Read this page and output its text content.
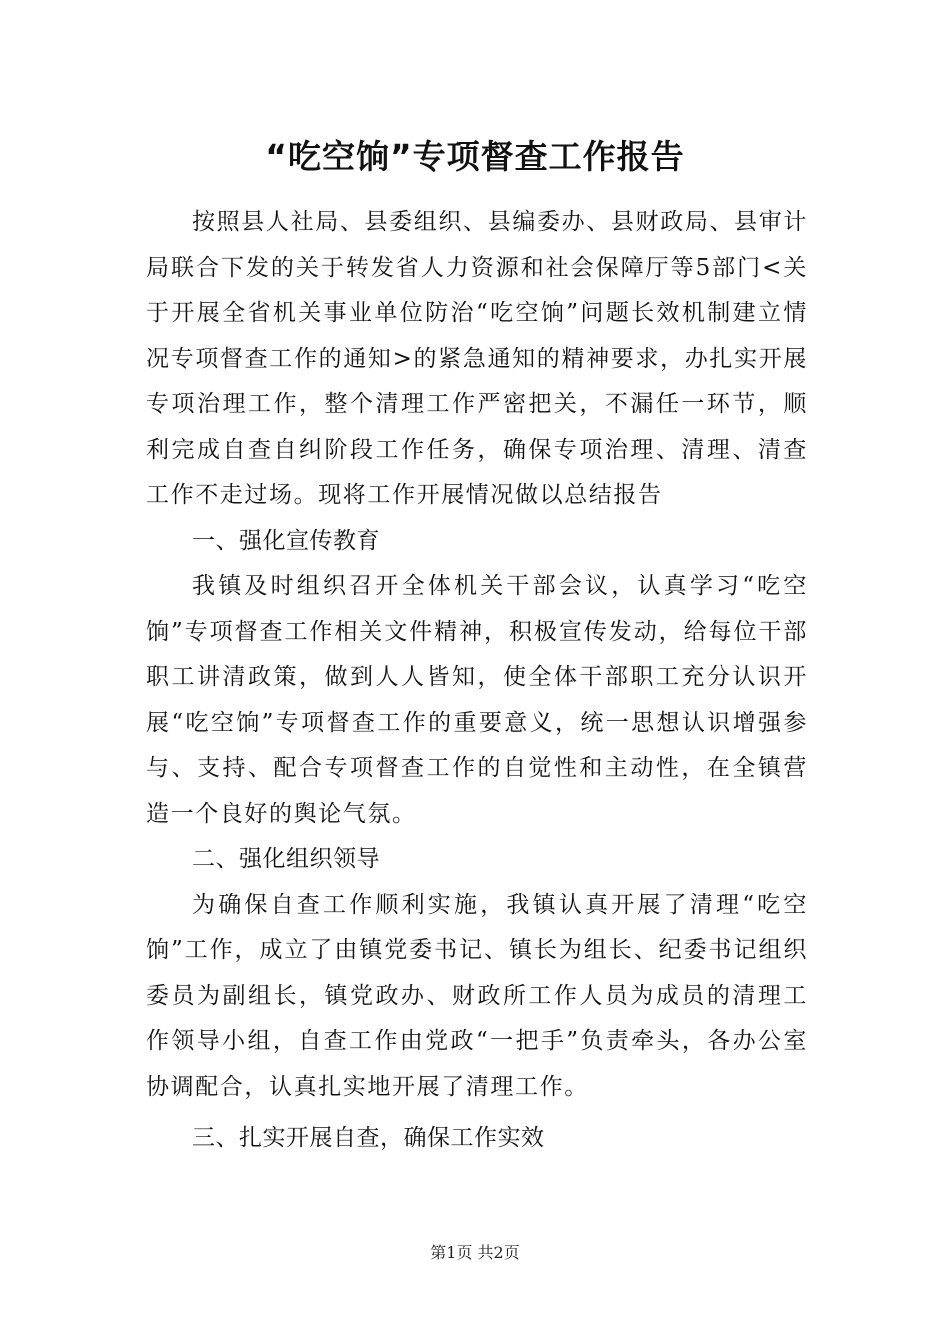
“吃空饷”专项督查工作报告

按照县人社局、县委组织、县编委办、县财政局、县审计局联合下发的关于转发省人力资源和社会保障厅等5部门<关于开展全省机关事业单位防治“吃空饷”问题长效机制建立情况专项督查工作的通知>的紧急通知的精神要求，办扎实开展专项治理工作，整个清理工作严密把关，不漏任一环节，顺利完成自查自纠阶段工作任务，确保专项治理、清理、清查工作不走过场。现将工作开展情况做以总结报告

一、强化宣传教育

我镇及时组织召开全体机关干部会议，认真学习“吃空饷”专项督查工作相关文件精神，积极宣传发动，给每位干部职工讲清政策，做到人人皆知，使全体干部职工充分认识开展“吃空饷”专项督查工作的重要意义，统一思想认识增强参与、支持、配合专项督查工作的自觉性和主动性，在全镇营造一个良好的舆论气氛。

二、强化组织领导

为确保自查工作顺利实施，我镇认真开展了清理“吃空饷”工作，成立了由镇党委书记、镇长为组长、纪委书记组织委员为副组长，镇党政办、财政所工作人员为成员的清理工作领导小组，自查工作由党政“一把手”负责牵头，各办公室协调配合，认真扎实地开展了清理工作。

三、扎实开展自查，确保工作实效

第1页 共2页
